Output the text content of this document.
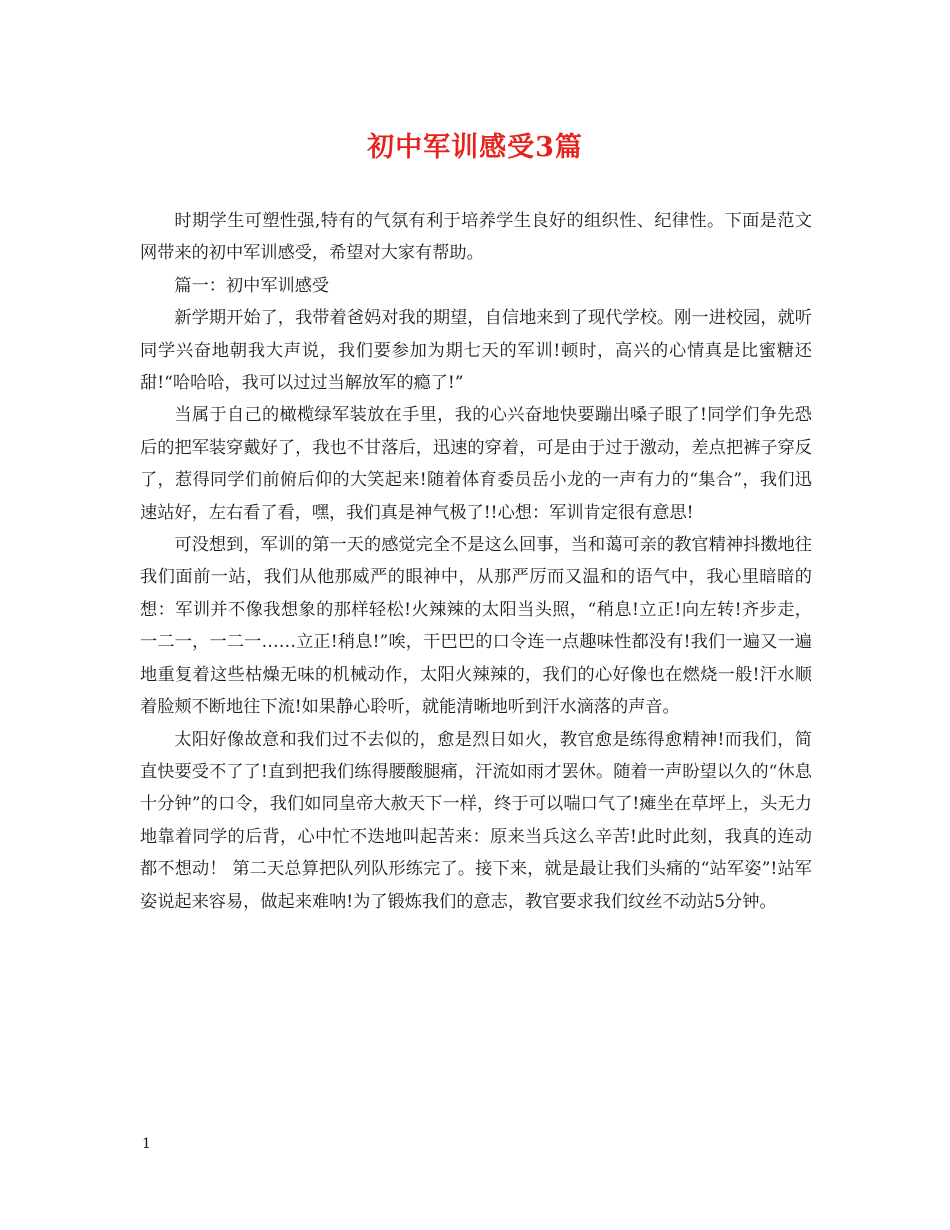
初中军训感受3篇

时期学生可塑性强,特有的气氛有利于培养学生良好的组织性、纪律性。下面是范文网带来的初中军训感受，希望对大家有帮助。

篇一：初中军训感受

新学期开始了，我带着爸妈对我的期望，自信地来到了现代学校。刚一进校园，就听同学兴奋地朝我大声说，我们要参加为期七天的军训!顿时，高兴的心情真是比蜜糖还甜!“哈哈哈，我可以过过当解放军的瘾了!”

当属于自己的橄榄绿军装放在手里，我的心兴奋地快要蹦出嗓子眼了!同学们争先恐后的把军装穿戴好了，我也不甘落后，迅速的穿着，可是由于过于激动，差点把裤子穿反了，惹得同学们前俯后仰的大笑起来!随着体育委员岳小龙的一声有力的“集合”，我们迅速站好，左右看了看，嘿，我们真是神气极了!!心想：军训肯定很有意思!

可没想到，军训的第一天的感觉完全不是这么回事，当和蔼可亲的教官精神抖擞地往我们面前一站，我们从他那威严的眼神中，从那严厉而又温和的语气中，我心里暗暗的想：军训并不像我想象的那样轻松!火辣辣的太阳当头照，“稍息!立正!向左转!齐步走，一二一，一二一……立正!稍息!”唉，干巴巴的口令连一点趣味性都没有!我们一遍又一遍地重复着这些枯燥无味的机械动作，太阳火辣辣的，我们的心好像也在燃烧一般!汗水顺着脸颊不断地往下流!如果静心聆听，就能清晰地听到汗水滴落的声音。

太阳好像故意和我们过不去似的，愈是烈日如火，教官愈是练得愈精神!而我们，简直快要受不了了!直到把我们练得腰酸腿痛，汗流如雨才罢休。随着一声盼望以久的“休息十分钟”的口令，我们如同皇帝大赦天下一样，终于可以喘口气了!瘫坐在草坪上，头无力地靠着同学的后背，心中忙不迭地叫起苦来：原来当兵这么辛苦!此时此刻，我真的连动都不想动！ 第二天总算把队列队形练完了。接下来，就是最让我们头痛的“站军姿”!站军姿说起来容易，做起来难呐!为了锻炼我们的意志，教官要求我们纹丝不动站5分钟。

1
